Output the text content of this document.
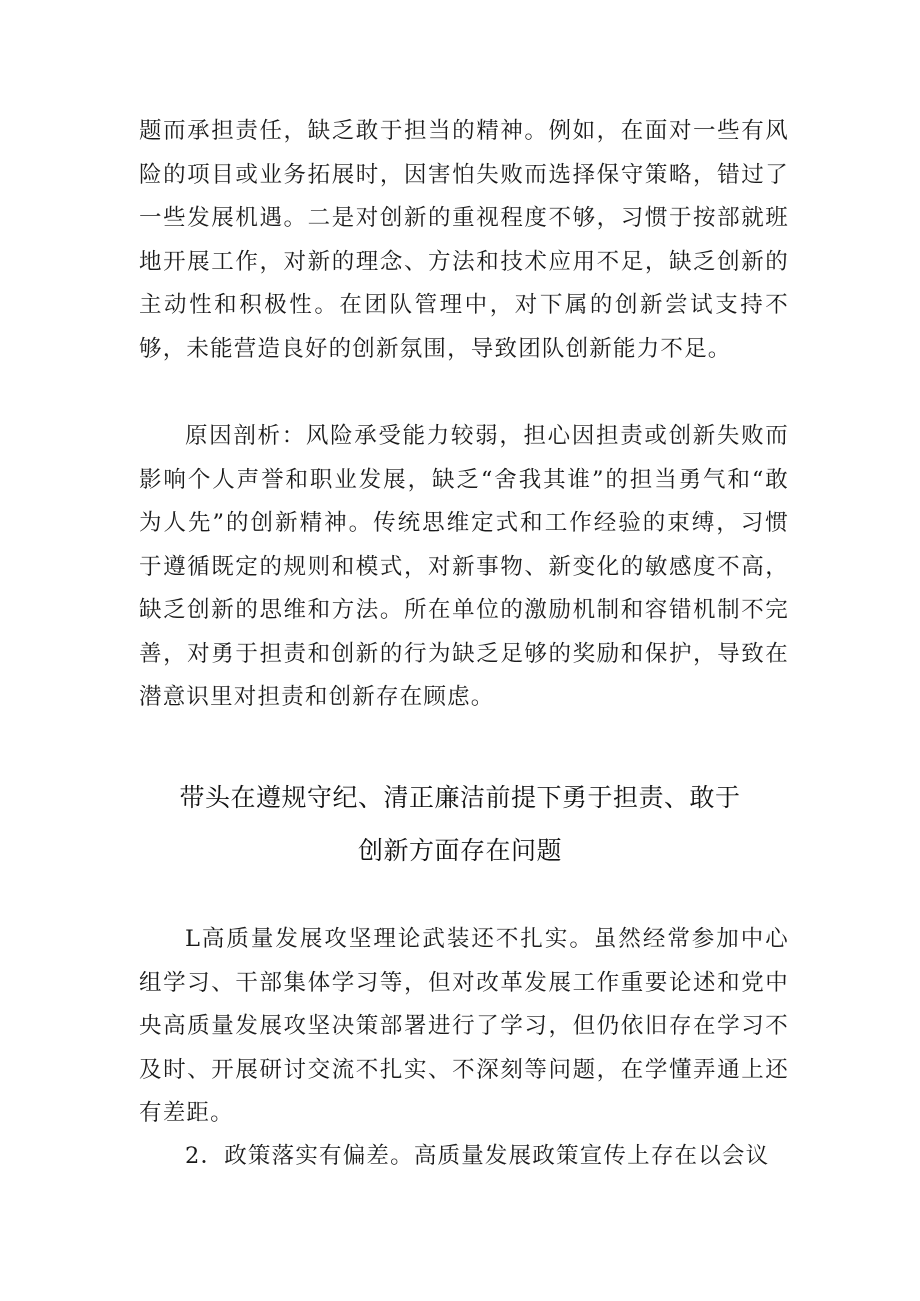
题而承担责任，缺乏敢于担当的精神。例如，在面对一些有风险的项目或业务拓展时，因害怕失败而选择保守策略，错过了一些发展机遇。二是对创新的重视程度不够，习惯于按部就班地开展工作，对新的理念、方法和技术应用不足，缺乏创新的主动性和积极性。在团队管理中，对下属的创新尝试支持不够，未能营造良好的创新氛围，导致团队创新能力不足。

原因剖析：风险承受能力较弱，担心因担责或创新失败而影响个人声誉和职业发展，缺乏“舍我其谁”的担当勇气和“敢为人先”的创新精神。传统思维定式和工作经验的束缚，习惯于遵循既定的规则和模式，对新事物、新变化的敏感度不高，缺乏创新的思维和方法。所在单位的激励机制和容错机制不完善，对勇于担责和创新的行为缺乏足够的奖励和保护，导致在潜意识里对担责和创新存在顾虑。

带头在遵规守纪、清正廉洁前提下勇于担责、敢于
创新方面存在问题

L高质量发展攻坚理论武装还不扎实。虽然经常参加中心组学习、干部集体学习等，但对改革发展工作重要论述和党中央高质量发展攻坚决策部署进行了学习，但仍依旧存在学习不及时、开展研讨交流不扎实、不深刻等问题，在学懂弄通上还有差距。

2．政策落实有偏差。高质量发展政策宣传上存在以会议
